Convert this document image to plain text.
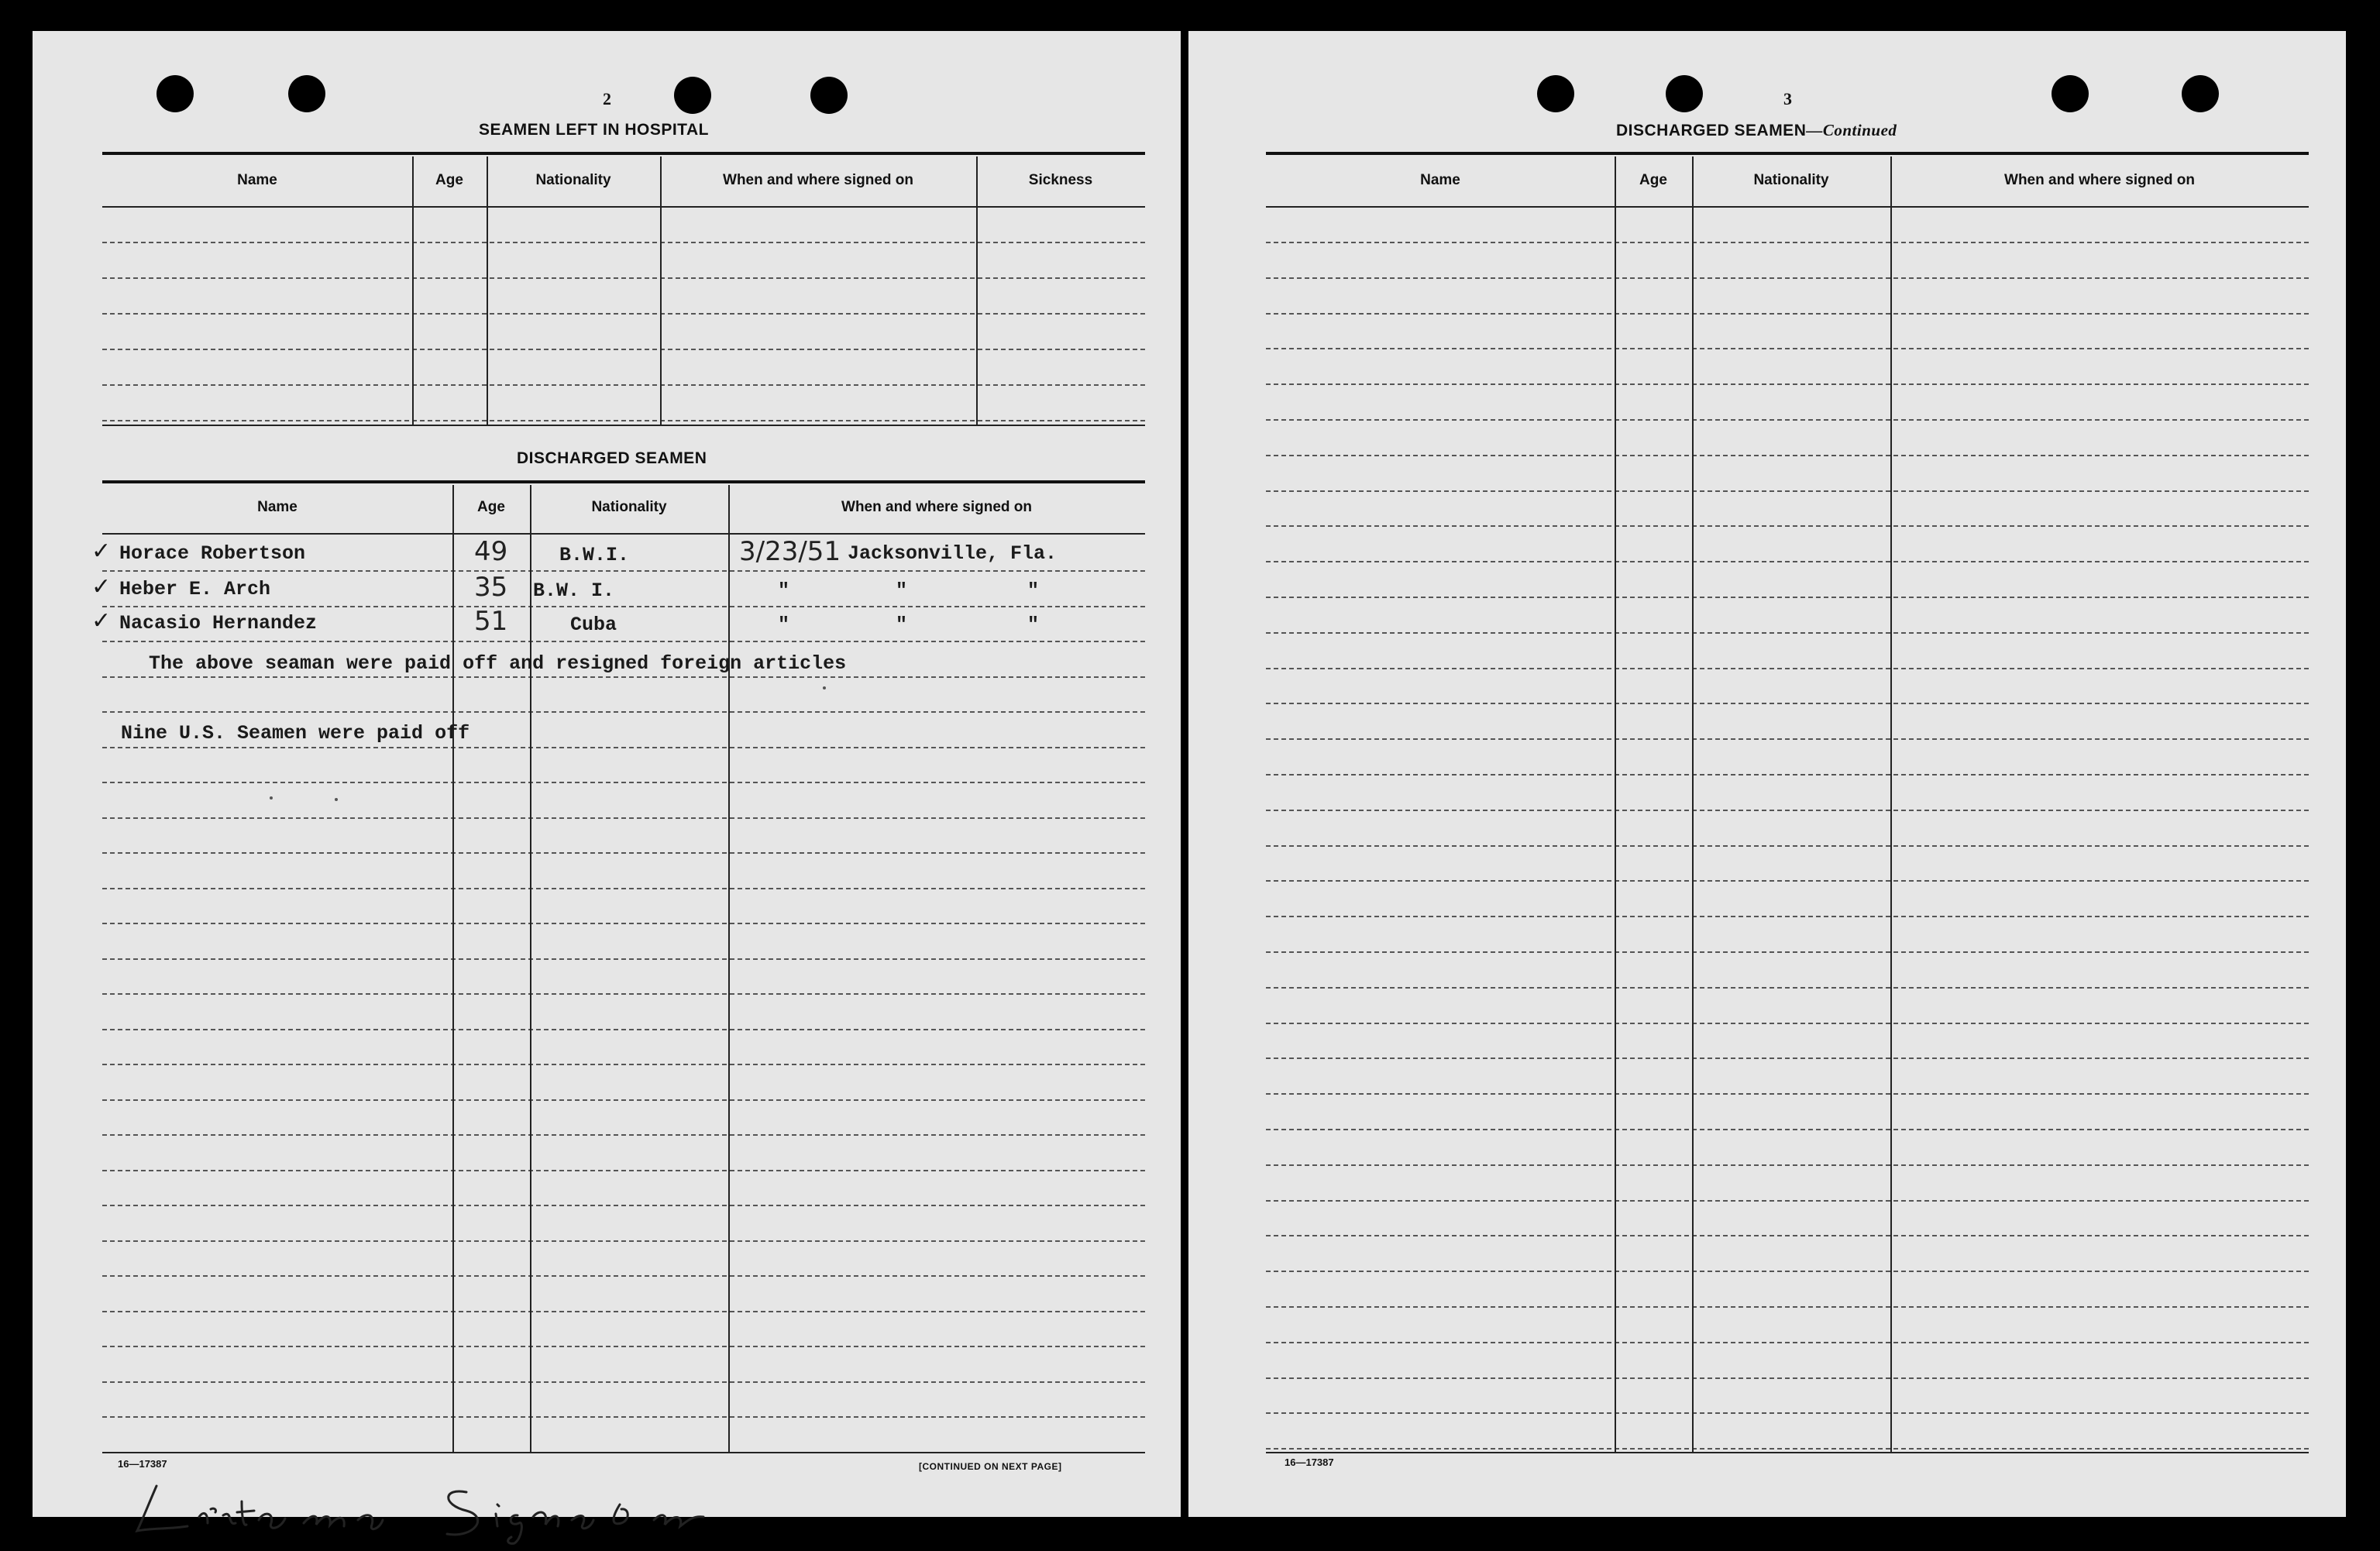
2
SEAMEN LEFT IN HOSPITAL
Name	Age	Nationality	When and where signed on	Sickness
DISCHARGED SEAMEN
Name	Age	Nationality	When and where signed on
✓ Horace Robertson	49	B.W.I.	3/23/51 Jacksonville, Fla.
✓ Heber E. Arch	35 B.W. I.	"	"	"
✓ Nacasio Hernandez	51	Cuba	"	"	"
The above seaman were paid off and resigned foreign articles
Nine U.S. Seamen were paid off
16—17387	[CONTINUED ON NEXT PAGE]
3
DISCHARGED SEAMEN—Continued
Name	Age	Nationality	When and where signed on
16—17387
